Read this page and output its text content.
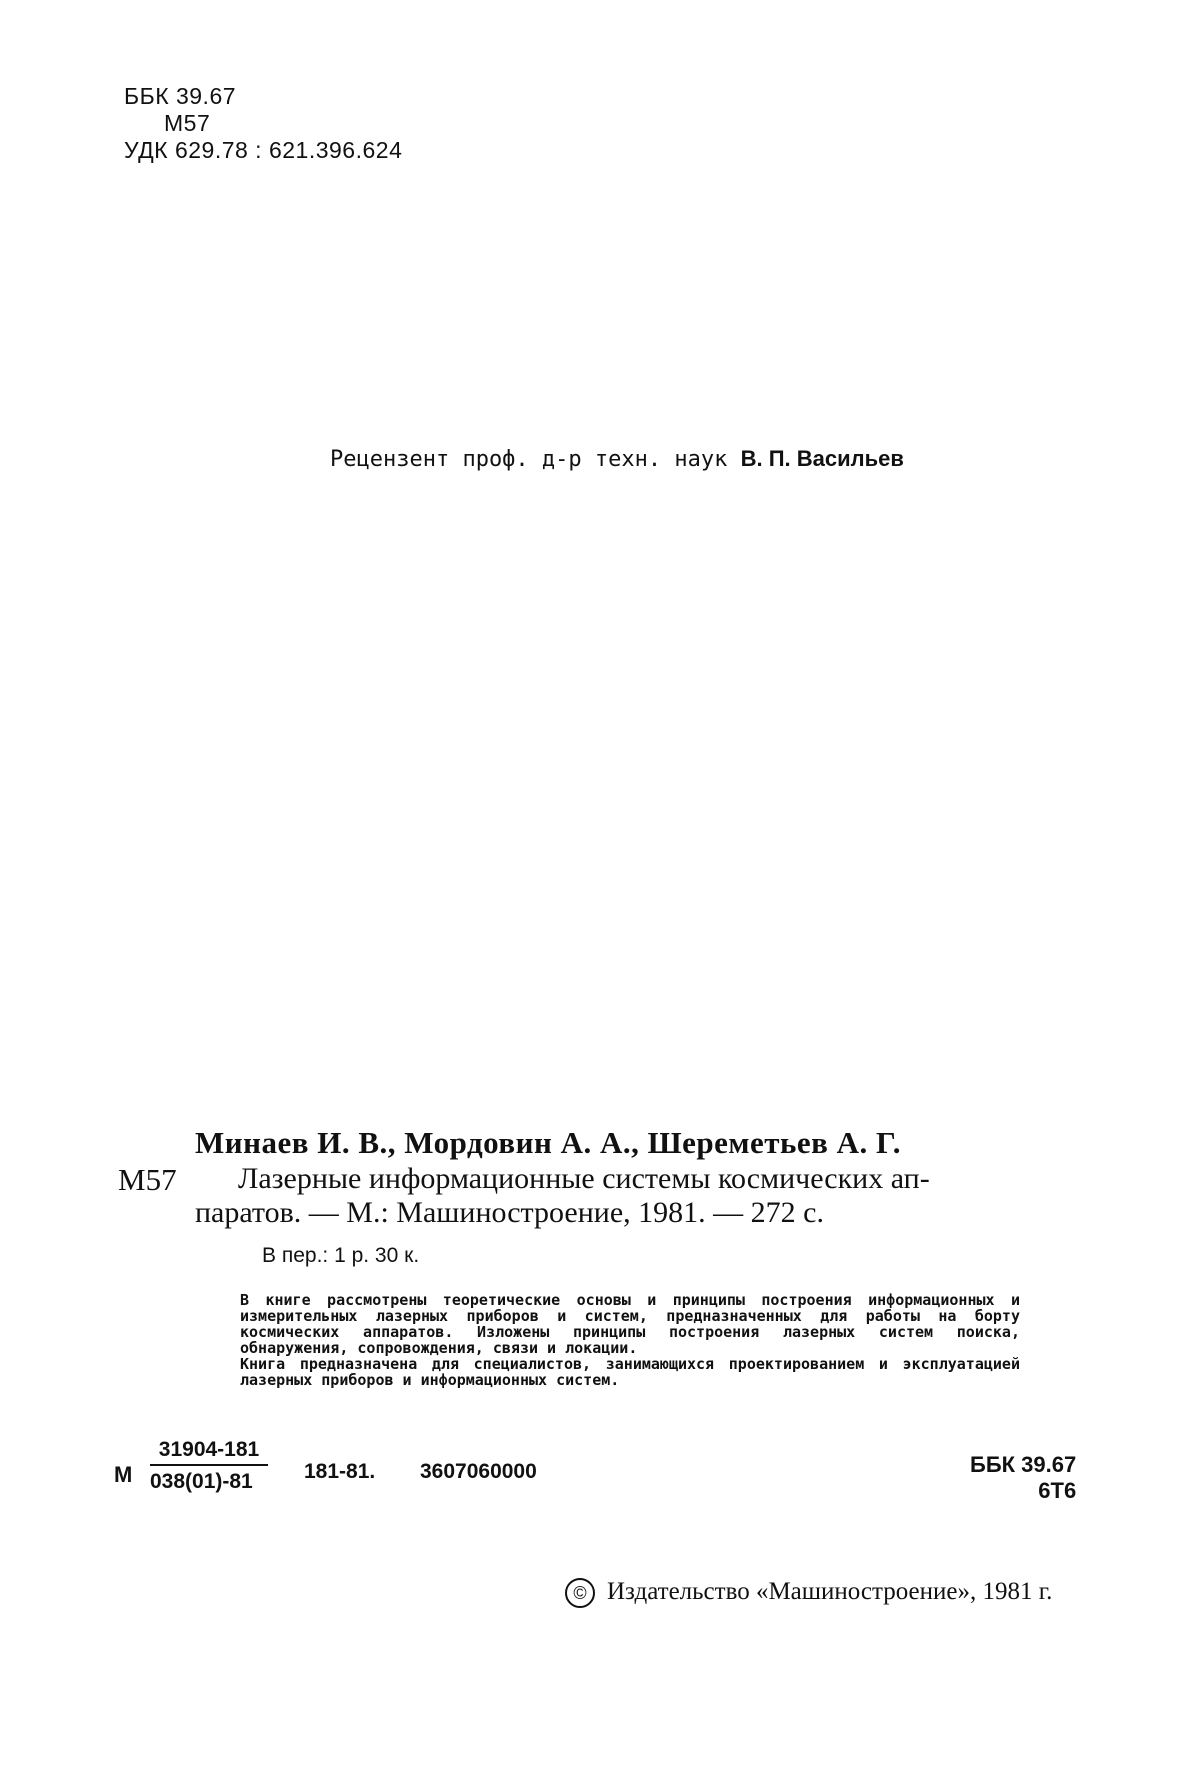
ББК 39.67
М57
УДК 629.78 : 621.396.624
Рецензент проф. д-р техн. наук В. П. Васильев
Минаев И. В., Мордовин А. А., Шереметьев А. Г.
М57 Лазерные информационные системы космических ап-
паратов. — М.: Машиностроение, 1981. — 272 с.
В пер.: 1 р. 30 к.

В книге рассмотрены теоретические основы и принципы построения информационных и измерительных лазерных приборов и систем, предназначенных для работы на борту космических аппаратов. Изложены принципы построения лазерных систем поиска, обнаружения, сопровождения, связи и локации.

Книга предназначена для специалистов, занимающихся проектированием и эксплуатацией лазерных приборов и информационных систем.

М $\frac{31904-181}{038(01)-81} 181-81$. 3607060000	ББК 39.67
6Т6
© Издательство «Машиностроение», 1981 г.
